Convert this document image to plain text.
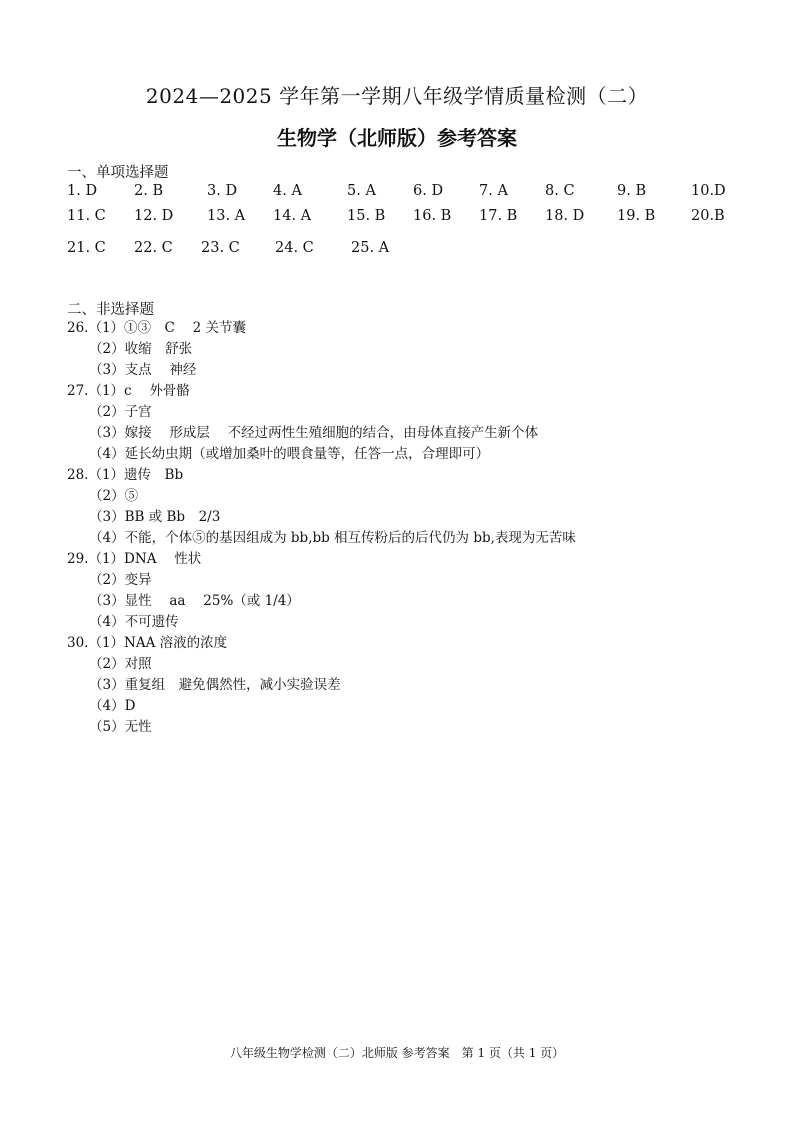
2024—2025 学年第一学期八年级学情质量检测（二）
生物学（北师版）参考答案
一、单项选择题
1. D	2. B	3. D 4. A	5. A	6. D 7. A	8. C	9. B	10.D
11. C 12. D 13. A 14. A 15. B 16. B 17. B 18. D 19. B 20.B
21. C 22. C 23. C 24. C	25. A
二、非选择题
26.（1）①③　C　 2 关节囊
（2）收缩　舒张
（3）支点　 神经
27.（1）c　 外骨骼
（2）子宫
（3）嫁接　 形成层　 不经过两性生殖细胞的结合，由母体直接产生新个体
（4）延长幼虫期（或增加桑叶的喂食量等，任答一点，合理即可）
28.（1）遗传　Bb
（2）⑤
（3）BB 或 Bb　2/3
（4）不能，个体⑤的基因组成为 bb,bb 相互传粉后的后代仍为 bb,表现为无苦味
29.（1）DNA　 性状
（2）变异
（3）显性　 aa　 25%（或 1/4）
（4）不可遗传
30.（1）NAA 溶液的浓度
（2）对照
（3）重复组　避免偶然性，减小实验误差
（4）D
（5）无性
八年级生物学检测（二）北师版 参考答案　第 1 页（共 1 页）
